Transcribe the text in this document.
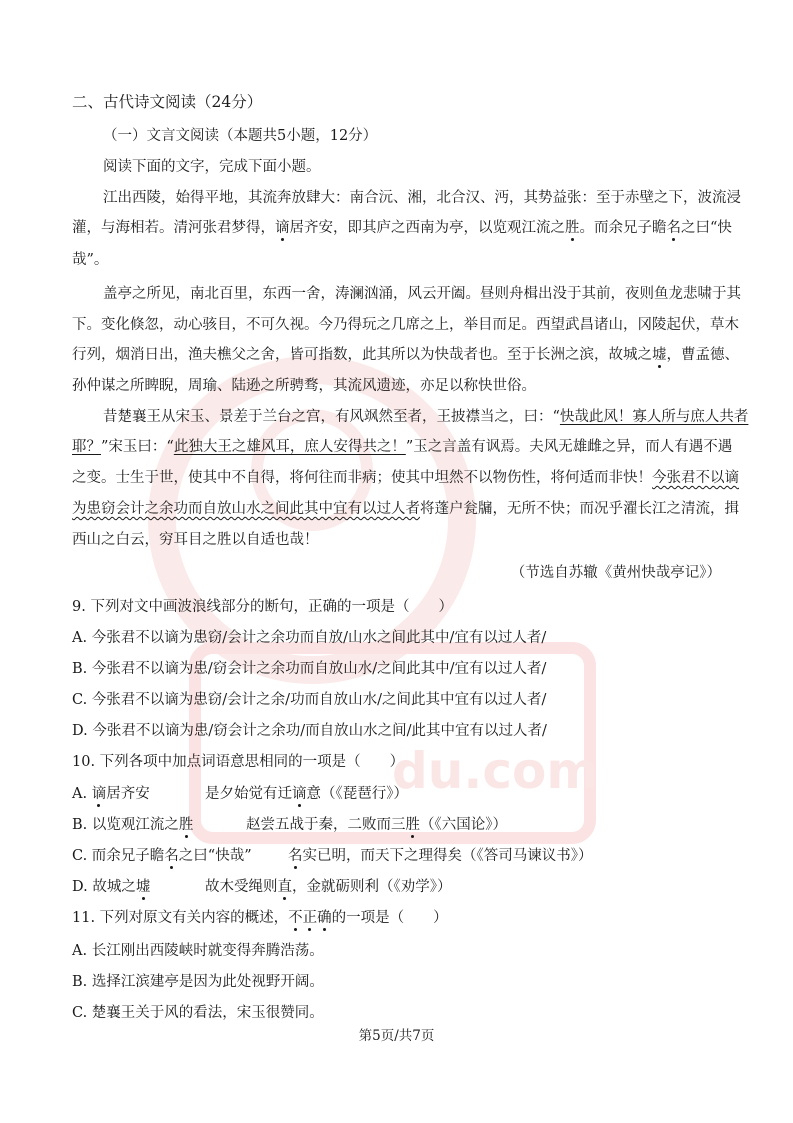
du.com
二、古代诗文阅读（24分）
（一）文言文阅读（本题共5小题，12分）
阅读下面的文字，完成下面小题。
江出西陵，始得平地，其流奔放肆大：南合沅、湘，北合汉、沔，其势益张：至于赤壁之下，波流浸
灌，与海相若。清河张君梦得，谪居齐安，即其庐之西南为亭，以览观江流之胜。而余兄子瞻名之曰“快
哉”。
盖亭之所见，南北百里，东西一舍，涛澜汹涌，风云开阖。昼则舟楫出没于其前，夜则鱼龙悲啸于其
下。变化倏忽，动心骇目，不可久视。今乃得玩之几席之上，举目而足。西望武昌诸山，冈陵起伏，草木
行列，烟消日出，渔夫樵父之舍，皆可指数，此其所以为快哉者也。至于长洲之滨，故城之墟，曹孟德、
孙仲谋之所睥睨，周瑜、陆逊之所骋骛，其流风遗迹，亦足以称快世俗。
昔楚襄王从宋玉、景差于兰台之宫，有风飒然至者，王披襟当之，曰：“快哉此风！寡人所与庶人共者
耶？”宋玉曰：“此独大王之雄风耳，庶人安得共之！”玉之言盖有讽焉。夫风无雄雌之异，而人有遇不遇
之变。士生于世，使其中不自得，将何往而非病；使其中坦然不以物伤性，将何适而非快！今张君不以谪
为患窃会计之余功而自放山水之间此其中宜有以过人者将蓬户瓮牖，无所不快；而况乎濯长江之清流，揖
西山之白云，穷耳目之胜以自适也哉！
（节选自苏辙《黄州快哉亭记》）
9. 下列对文中画波浪线部分的断句，正确的一项是（　　）
A. 今张君不以谪为患窃/会计之余功而自放/山水之间此其中/宜有以过人者/
B. 今张君不以谪为患/窃会计之余功而自放山水/之间此其中/宜有以过人者/
C. 今张君不以谪为患窃/会计之余/功而自放山水/之间此其中宜有以过人者/
D. 今张君不以谪为患/窃会计之余功/而自放山水之间/此其中宜有以过人者/
10. 下列各项中加点词语意思相同的一项是（　　）
A. 谪居齐安	是夕始觉有迁谪意（《琵琶行》）
B. 以览观江流之胜	赵尝五战于秦，二败而三胜（《六国论》）
C. 而余兄子瞻名之曰“快哉”	名实已明，而天下之理得矣（《答司马谏议书》）
D. 故城之墟	故木受绳则直，金就砺则利（《劝学》）
11. 下列对原文有关内容的概述，不正确的一项是（　　）
A. 长江刚出西陵峡时就变得奔腾浩荡。
B. 选择江滨建亭是因为此处视野开阔。
C. 楚襄王关于风的看法，宋玉很赞同。
第5页/共7页
